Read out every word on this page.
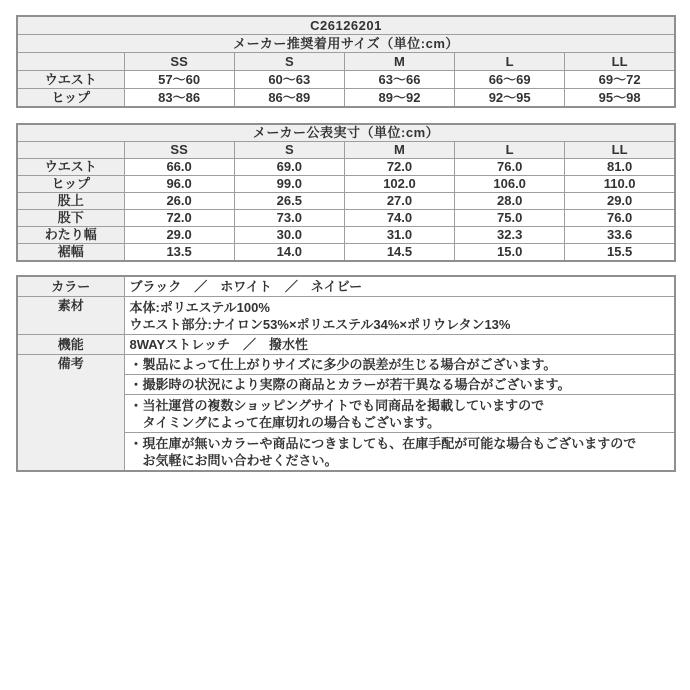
C26126201					
メーカー推奨着用サイズ（単位:cm）					
	SS	S	M	L	LL
ウエスト	57～60	60～63	63～66	66～69	69～72
ヒップ	83～86	86～89	89～92	92～95	95～98
メーカー公表実寸（単位:cm）					
	SS	S	M	L	LL
ウエスト	66.0	69.0	72.0	76.0	81.0
ヒップ	96.0	99.0	102.0	106.0	110.0
股上	26.0	26.5	27.0	28.0	29.0
股下	72.0	73.0	74.0	75.0	76.0
わたり幅	29.0	30.0	31.0	32.3	33.6
裾幅	13.5	14.0	14.5	15.0	15.5
カラー	ブラック　／　ホワイト　／　ネイビー
素材	本体:ポリエステル100%
ウエスト部分:ナイロン53%×ポリエステル34%×ポリウレタン13%

機能	8WAYストレッチ　／　撥水性
備考	・製品によって仕上がりサイズに多少の誤差が生じる場合がございます。
	・撮影時の状況により実際の商品とカラーが若干異なる場合がございます。

	・当社運営の複数ショッピングサイトでも同商品を掲載していますので
　タイミングによって在庫切れの場合もございます。

	・現在庫が無いカラーや商品につきましても、在庫手配が可能な場合もございますので
　お気軽にお問い合わせください。
